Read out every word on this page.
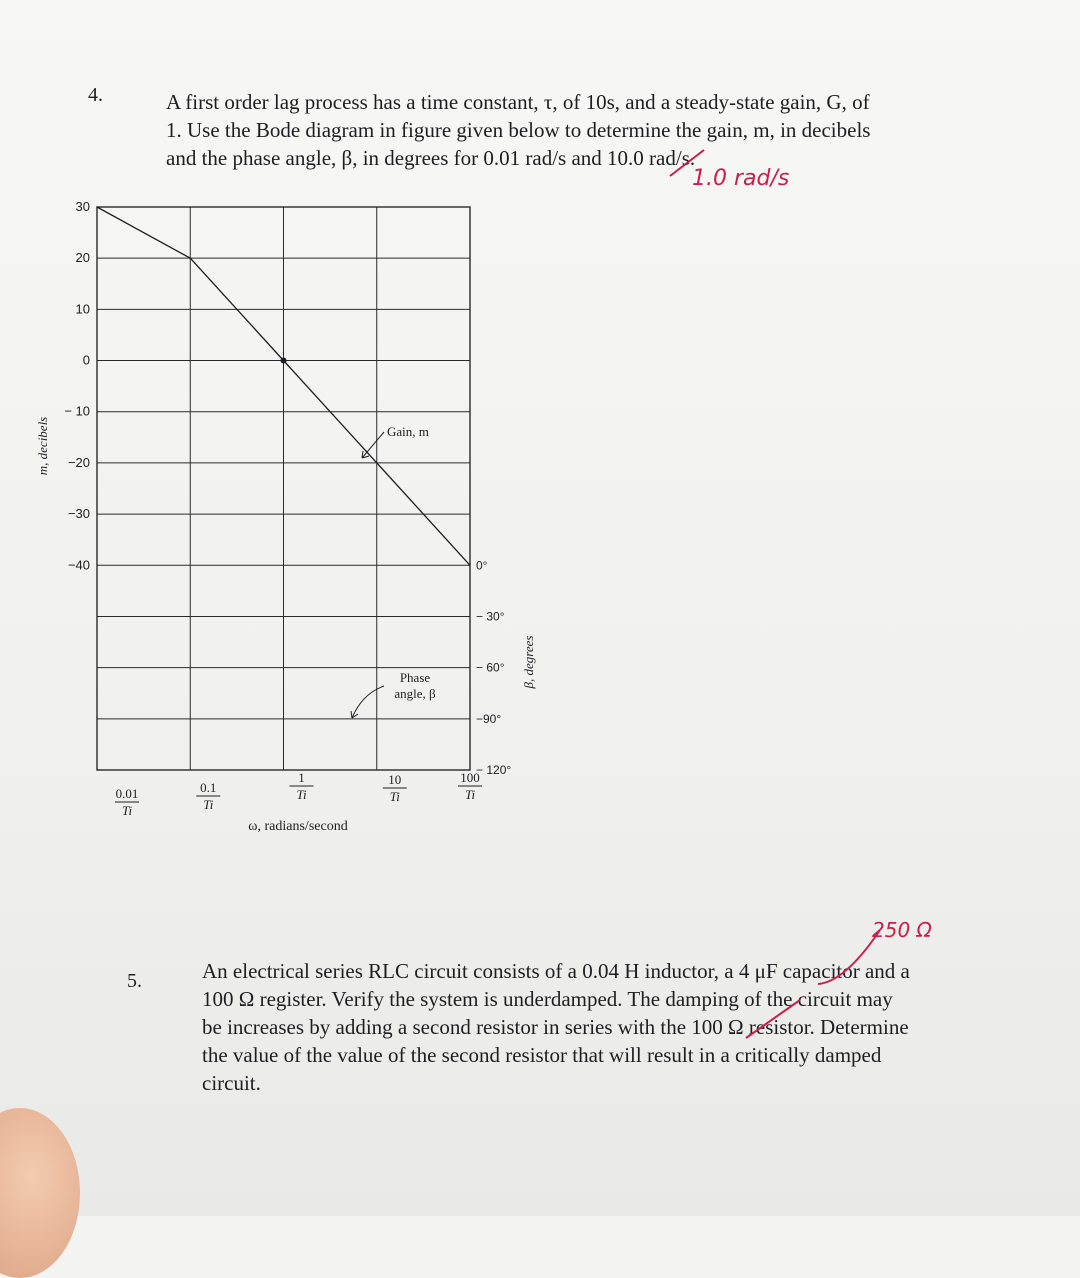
4.	A first order lag process has a time constant, τ, of 10s, and a steady-state gain, G, of
1. Use the Bode diagram in figure given below to determine the gain, m, in decibels
and the phase angle, β, in degrees for 0.01 rad/s and 10.0 rad/s.

1.0 rad/s
30
20
10
0
− 10
−20
−30
−40	0°
− 30°
− 60°
−90°
− 120°
0.01
Ti
0.1
Ti
1
Ti
10
Ti
100
Ti
m, decibels
β, degrees
ω, radians/second
Gain, m
Phase
angle, β
5.	An electrical series RLC circuit consists of a 0.04 H inductor, a 4 μF capacitor and a
100 Ω register. Verify the system is underdamped. The damping of the circuit may
be increases by adding a second resistor in series with the 100 Ω resistor. Determine
the value of the value of the second resistor that will result in a critically damped
circuit.

250 Ω
